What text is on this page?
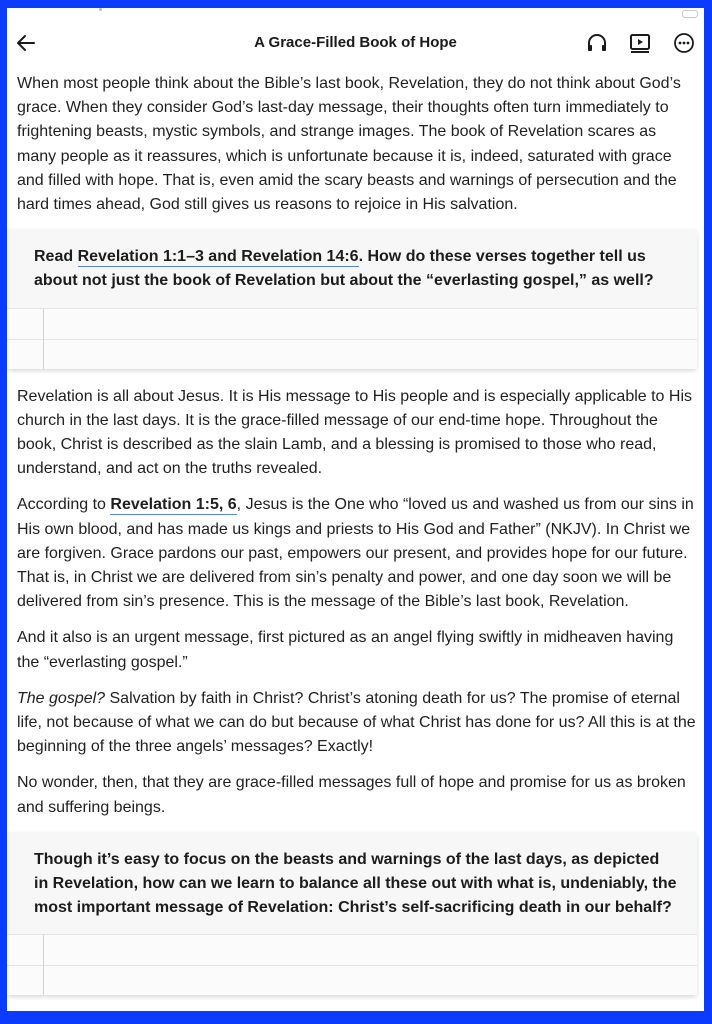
A Grace-Filled Book of Hope

When most people think about the Bible’s last book, Revelation, they do not think about God’s grace. When they consider God’s last-day message, their thoughts often turn immediately to frightening beasts, mystic symbols, and strange images. The book of Revelation scares as many people as it reassures, which is unfortunate because it is, indeed, saturated with grace and filled with hope. That is, even amid the scary beasts and warnings of persecution and the hard times ahead, God still gives us reasons to rejoice in His salvation.

Read Revelation 1:1–3 and Revelation 14:6. How do these verses together tell us about not just the book of Revelation but about the “everlasting gospel,” as well?

Revelation is all about Jesus. It is His message to His people and is especially applicable to His church in the last days. It is the grace-filled message of our end-time hope. Throughout the book, Christ is described as the slain Lamb, and a blessing is promised to those who read, understand, and act on the truths revealed.

According to Revelation 1:5, 6, Jesus is the One who “loved us and washed us from our sins in His own blood, and has made us kings and priests to His God and Father” (NKJV). In Christ we are forgiven. Grace pardons our past, empowers our present, and provides hope for our future. That is, in Christ we are delivered from sin’s penalty and power, and one day soon we will be delivered from sin’s presence. This is the message of the Bible’s last book, Revelation.

And it also is an urgent message, first pictured as an angel flying swiftly in midheaven having the “everlasting gospel.”

The gospel? Salvation by faith in Christ? Christ’s atoning death for us? The promise of eternal life, not because of what we can do but because of what Christ has done for us? All this is at the beginning of the three angels’ messages? Exactly!

No wonder, then, that they are grace-filled messages full of hope and promise for us as broken and suffering beings.

Though it’s easy to focus on the beasts and warnings of the last days, as depicted in Revelation, how can we learn to balance all these out with what is, undeniably, the most important message of Revelation: Christ’s self-sacrificing death in our behalf?
